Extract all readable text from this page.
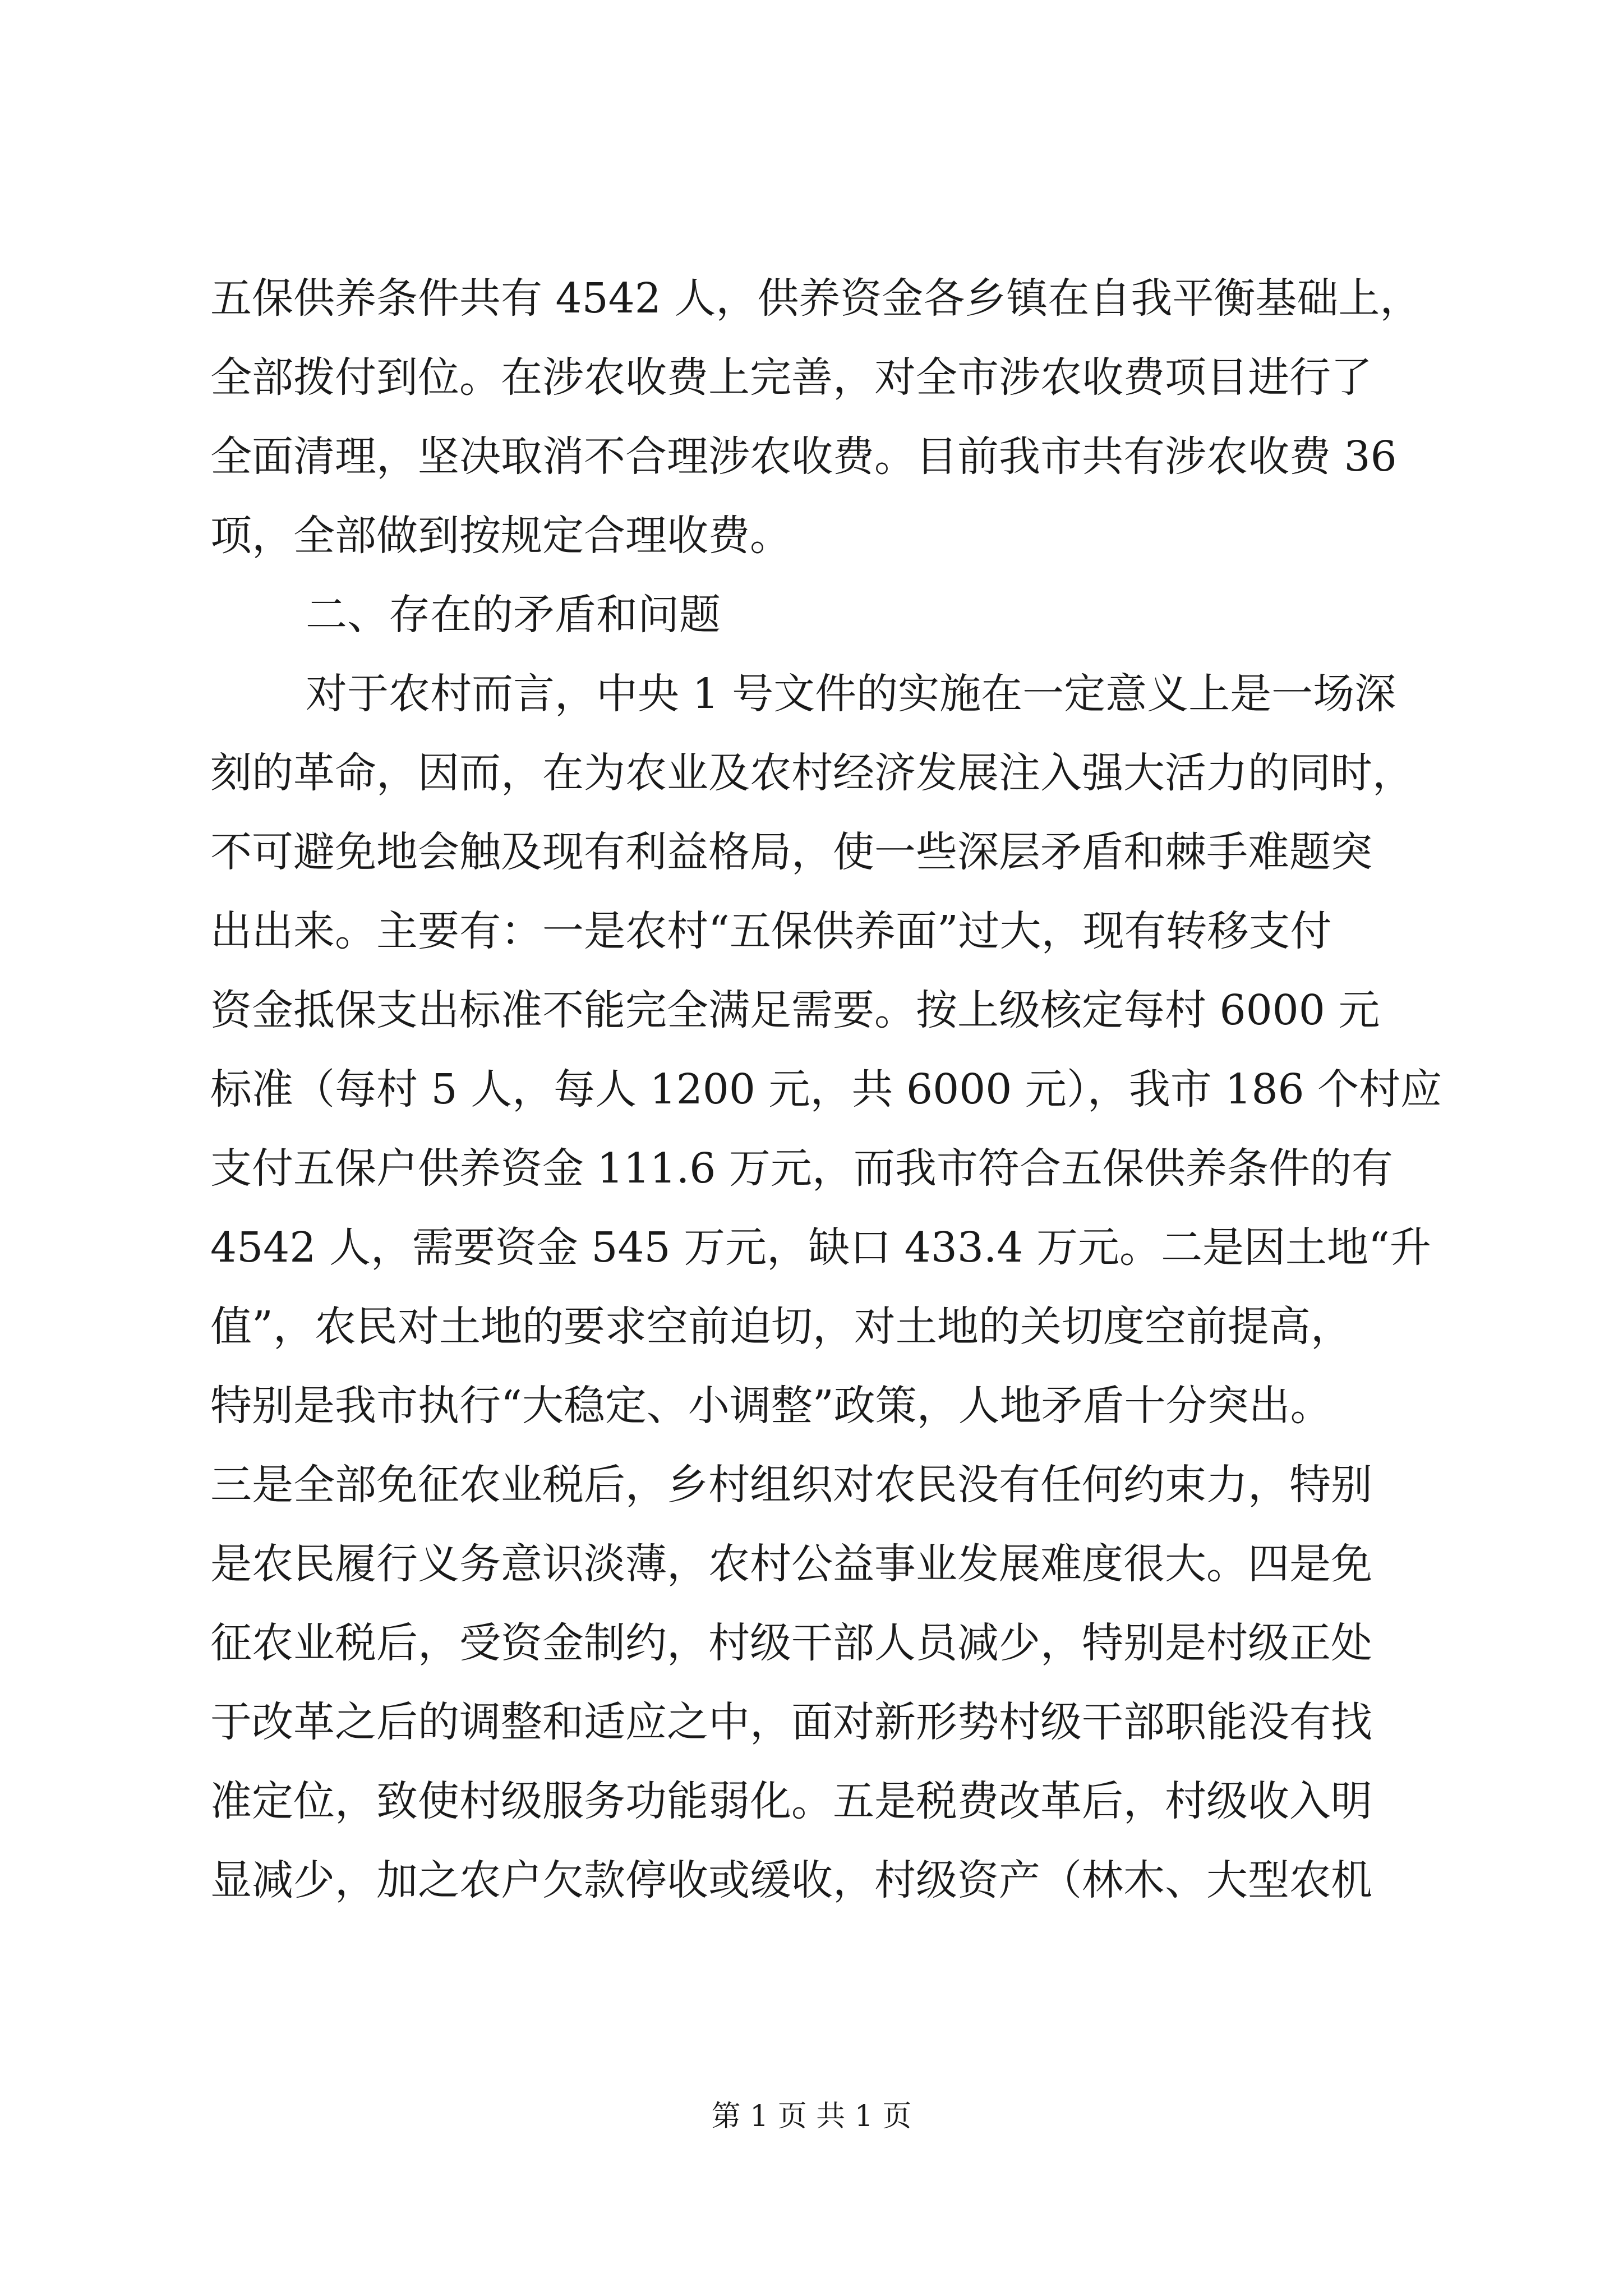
五保供养条件共有 4542 人，供养资金各乡镇在自我平衡基础上，
全部拨付到位。在涉农收费上完善，对全市涉农收费项目进行了
全面清理，坚决取消不合理涉农收费。目前我市共有涉农收费 36
项，全部做到按规定合理收费。
二、存在的矛盾和问题
对于农村而言，中央 1 号文件的实施在一定意义上是一场深
刻的革命，因而，在为农业及农村经济发展注入强大活力的同时，
不可避免地会触及现有利益格局，使一些深层矛盾和棘手难题突
出出来。主要有：一是农村“五保供养面”过大，现有转移支付
资金抵保支出标准不能完全满足需要。按上级核定每村 6000 元
标准（每村 5 人，每人 1200 元，共 6000 元），我市 186 个村应
支付五保户供养资金 111.6 万元，而我市符合五保供养条件的有
4542 人，需要资金 545 万元，缺口 433.4 万元。二是因土地“升
值”，农民对土地的要求空前迫切，对土地的关切度空前提高，
特别是我市执行“大稳定、小调整”政策，人地矛盾十分突出。
三是全部免征农业税后，乡村组织对农民没有任何约束力，特别
是农民履行义务意识淡薄，农村公益事业发展难度很大。四是免
征农业税后，受资金制约，村级干部人员减少，特别是村级正处
于改革之后的调整和适应之中，面对新形势村级干部职能没有找
准定位，致使村级服务功能弱化。五是税费改革后，村级收入明
显减少，加之农户欠款停收或缓收，村级资产（林木、大型农机
第 1 页 共 1 页
